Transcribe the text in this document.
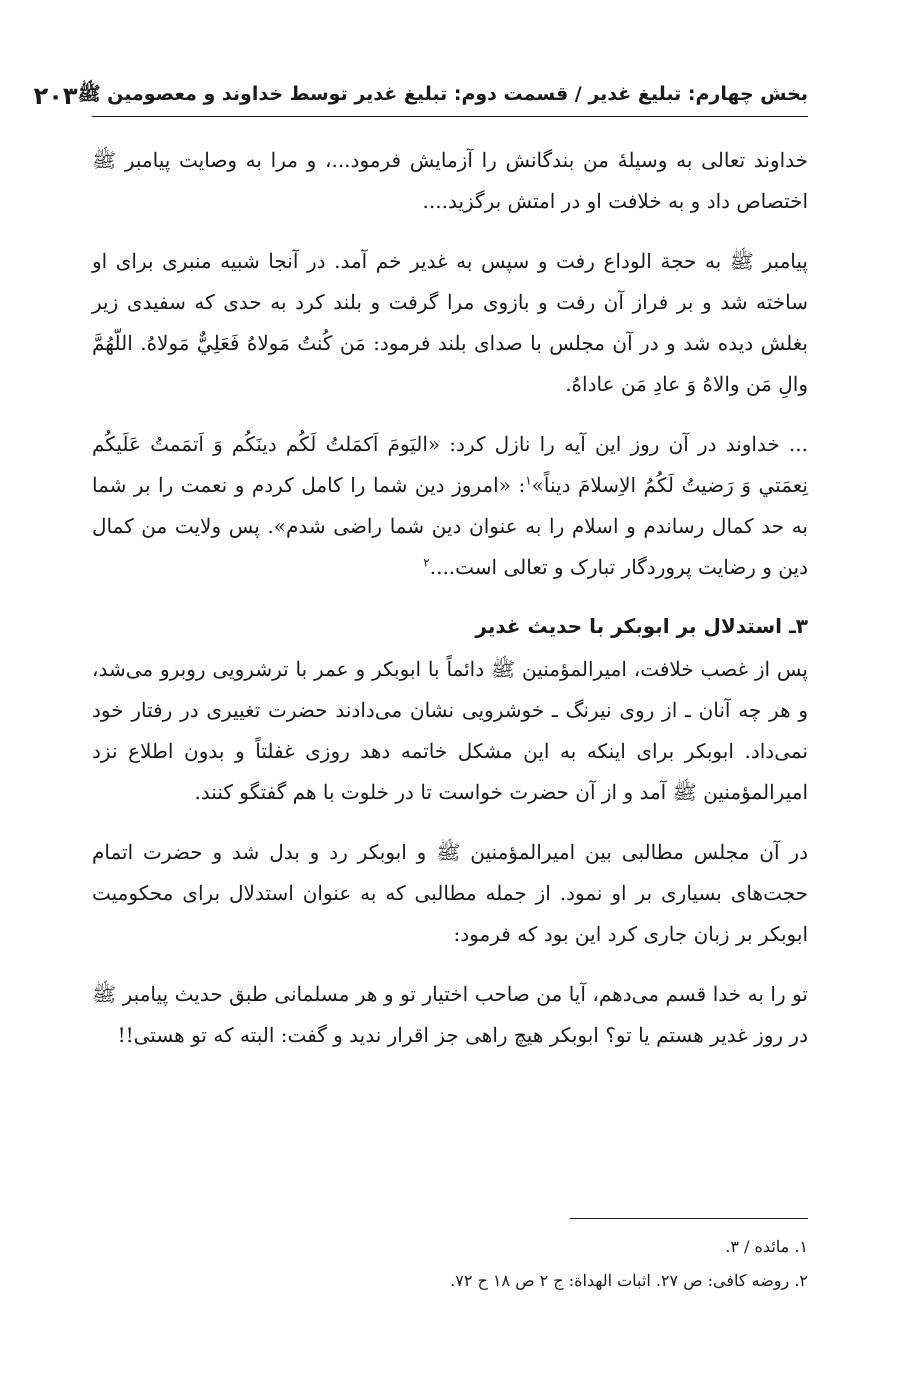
بخش چهارم: تبلیغ غدیر / قسمت دوم: تبلیغ غدیر توسط خداوند و معصومین ﷺ
۲۰۳

خداوند تعالی به وسیلهٔ من بندگانش را آزمایش فرمود...، و مرا به وصایت پیامبر ﷺ اختصاص داد و به خلافت او در امتش برگزید....

پیامبر ﷺ به حجة الوداع رفت و سپس به غدیر خم آمد. در آنجا شبیه منبری برای او ساخته شد و بر فراز آن رفت و بازوی مرا گرفت و بلند کرد به حدی که سفیدی زیر بغلش دیده شد و در آن مجلس با صدای بلند فرمود: مَن كُنتُ مَولاهُ فَعَلِيٌّ مَولاهُ. اللّهُمَّ والِ مَن والاهُ وَ عادِ مَن عاداهُ.

... خداوند در آن روز این آیه را نازل کرد: «اليَومَ اَكمَلتُ لَكُم دينَكُم وَ اَتمَمتُ عَلَيكُم نِعمَتي وَ رَضيتُ لَكُمُ الاِسلامَ ديناً»$^۱$: «امروز دین شما را کامل کردم و نعمت را بر شما به حد کمال رساندم و اسلام را به عنوان دین شما راضی شدم». پس ولایت من کمال دین و رضایت پروردگار تبارک و تعالی است....$^۲$

۳ـ استدلال بر ابوبکر با حدیث غدیر

پس از غصب خلافت، امیرالمؤمنین ﷺ دائماً با ابوبکر و عمر با ترشرویی روبرو می‌شد، و هر چه آنان ـ از روی نیرنگ ـ خوشرویی نشان می‌دادند حضرت تغییری در رفتار خود نمی‌داد. ابوبکر برای اینکه به این مشکل خاتمه دهد روزی غفلتاً و بدون اطلاع نزد امیرالمؤمنین ﷺ آمد و از آن حضرت خواست تا در خلوت با هم گفتگو کنند.

در آن مجلس مطالبی بین امیرالمؤمنین ﷺ و ابوبکر رد و بدل شد و حضرت اتمام حجت‌های بسیاری بر او نمود. از جمله مطالبی که به عنوان استدلال برای محکومیت ابوبکر بر زبان جاری کرد این بود که فرمود:

تو را به خدا قسم می‌دهم، آیا من صاحب اختیار تو و هر مسلمانی طبق حدیث پیامبر ﷺ در روز غدیر هستم یا تو؟ ابوبکر هیچ راهی جز اقرار ندید و گفت: البته که تو هستی!!

۱. مائده / ۳.

۲. روضه کافی: ص ۲۷. اثبات الهداة: ج ۲ ص ۱۸ ح ۷۲.
